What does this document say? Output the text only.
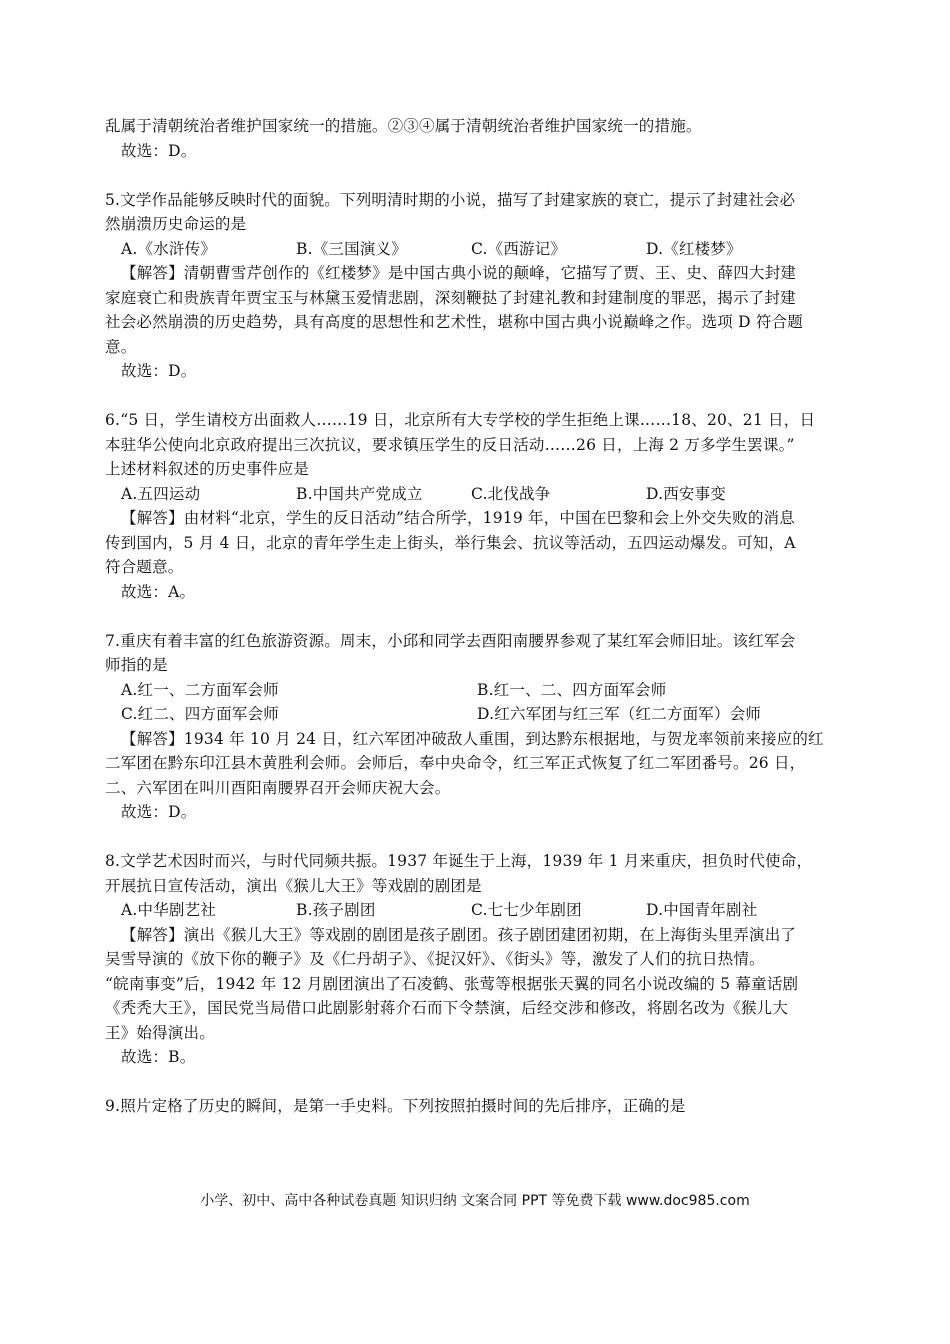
乱属于清朝统治者维护国家统一的措施。②③④属于清朝统治者维护国家统一的措施。
故选：D。
5.文学作品能够反映时代的面貌。下列明清时期的小说，描写了封建家族的衰亡，提示了封建社会必
然崩溃历史命运的是
A.《水浒传》	B.《三国演义》	C.《西游记》	D.《红楼梦》
【解答】清朝曹雪芹创作的《红楼梦》是中国古典小说的颠峰，它描写了贾、王、史、薛四大封建
家庭衰亡和贵族青年贾宝玉与林黛玉爱情悲剧，深刻鞭挞了封建礼教和封建制度的罪恶，揭示了封建
社会必然崩溃的历史趋势，具有高度的思想性和艺术性，堪称中国古典小说巅峰之作。选项 D 符合题
意。
故选：D。
6.“5 日，学生请校方出面救人……19 日，北京所有大专学校的学生拒绝上课……18、20、21 日，日
本驻华公使向北京政府提出三次抗议，要求镇压学生的反日活动……26 日，上海 2 万多学生罢课。”
上述材料叙述的历史事件应是
A.五四运动	B.中国共产党成立	C.北伐战争	D.西安事变
【解答】由材料“北京，学生的反日活动”结合所学，1919 年，中国在巴黎和会上外交失败的消息
传到国内，5 月 4 日，北京的青年学生走上街头，举行集会、抗议等活动，五四运动爆发。可知，A
符合题意。
故选：A。
7.重庆有着丰富的红色旅游资源。周末，小邱和同学去酉阳南腰界参观了某红军会师旧址。该红军会
师指的是
A.红一、二方面军会师	B.红一、二、四方面军会师
C.红二、四方面军会师	D.红六军团与红三军（红二方面军）会师
【解答】1934 年 10 月 24 日，红六军团冲破敌人重围，到达黔东根据地，与贺龙率领前来接应的红
二军团在黔东印江县木黄胜利会师。会师后，奉中央命令，红三军正式恢复了红二军团番号。26 日，
二、六军团在叫川酉阳南腰界召开会师庆祝大会。
故选：D。
8.文学艺术因时而兴，与时代同频共振。1937 年诞生于上海，1939 年 1 月来重庆，担负时代使命，
开展抗日宣传活动，演出《猴儿大王》等戏剧的剧团是
A.中华剧艺社	B.孩子剧团	C.七七少年剧团	D.中国青年剧社
【解答】演出《猴儿大王》等戏剧的剧团是孩子剧团。孩子剧团建团初期，在上海街头里弄演出了
吴雪导演的《放下你的鞭子》及《仁丹胡子》、《捉汉奸》、《街头》等，激发了人们的抗日热情。
“皖南事变”后，1942 年 12 月剧团演出了石凌鹤、张莺等根据张天翼的同名小说改编的 5 幕童话剧
《秃秃大王》，国民党当局借口此剧影射蒋介石而下令禁演，后经交涉和修改，将剧名改为《猴儿大
王》始得演出。
故选：B。
9.照片定格了历史的瞬间，是第一手史料。下列按照拍摄时间的先后排序，正确的是
小学、初中、高中各种试卷真题 知识归纳 文案合同 PPT 等免费下载 www.doc985.com
